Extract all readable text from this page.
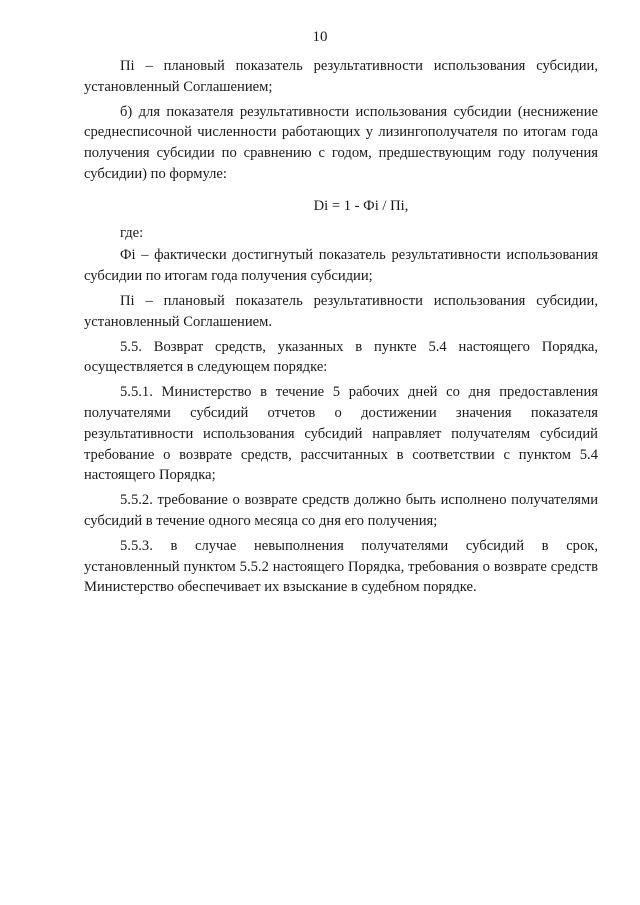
10

Пi – плановый показатель результативности использования субсидии, установленный Соглашением;

б) для показателя результативности использования субсидии (неснижение среднесписочной численности работающих у лизингополучателя по итогам года получения субсидии по сравнению с годом, предшествующим году получения субсидии) по формуле:

Di = 1 - Фi / Пi,

где:

Фi – фактически достигнутый показатель результативности использования субсидии по итогам года получения субсидии;

Пi – плановый показатель результативности использования субсидии, установленный Соглашением.

5.5. Возврат средств, указанных в пункте 5.4 настоящего Порядка, осуществляется в следующем порядке:

5.5.1. Министерство в течение 5 рабочих дней со дня предоставления получателями субсидий отчетов о достижении значения показателя результативности использования субсидий направляет получателям субсидий требование о возврате средств, рассчитанных в соответствии с пунктом 5.4 настоящего Порядка;

5.5.2. требование о возврате средств должно быть исполнено получателями субсидий в течение одного месяца со дня его получения;

5.5.3. в случае невыполнения получателями субсидий в срок, установленный пунктом 5.5.2 настоящего Порядка, требования о возврате средств Министерство обеспечивает их взыскание в судебном порядке.
